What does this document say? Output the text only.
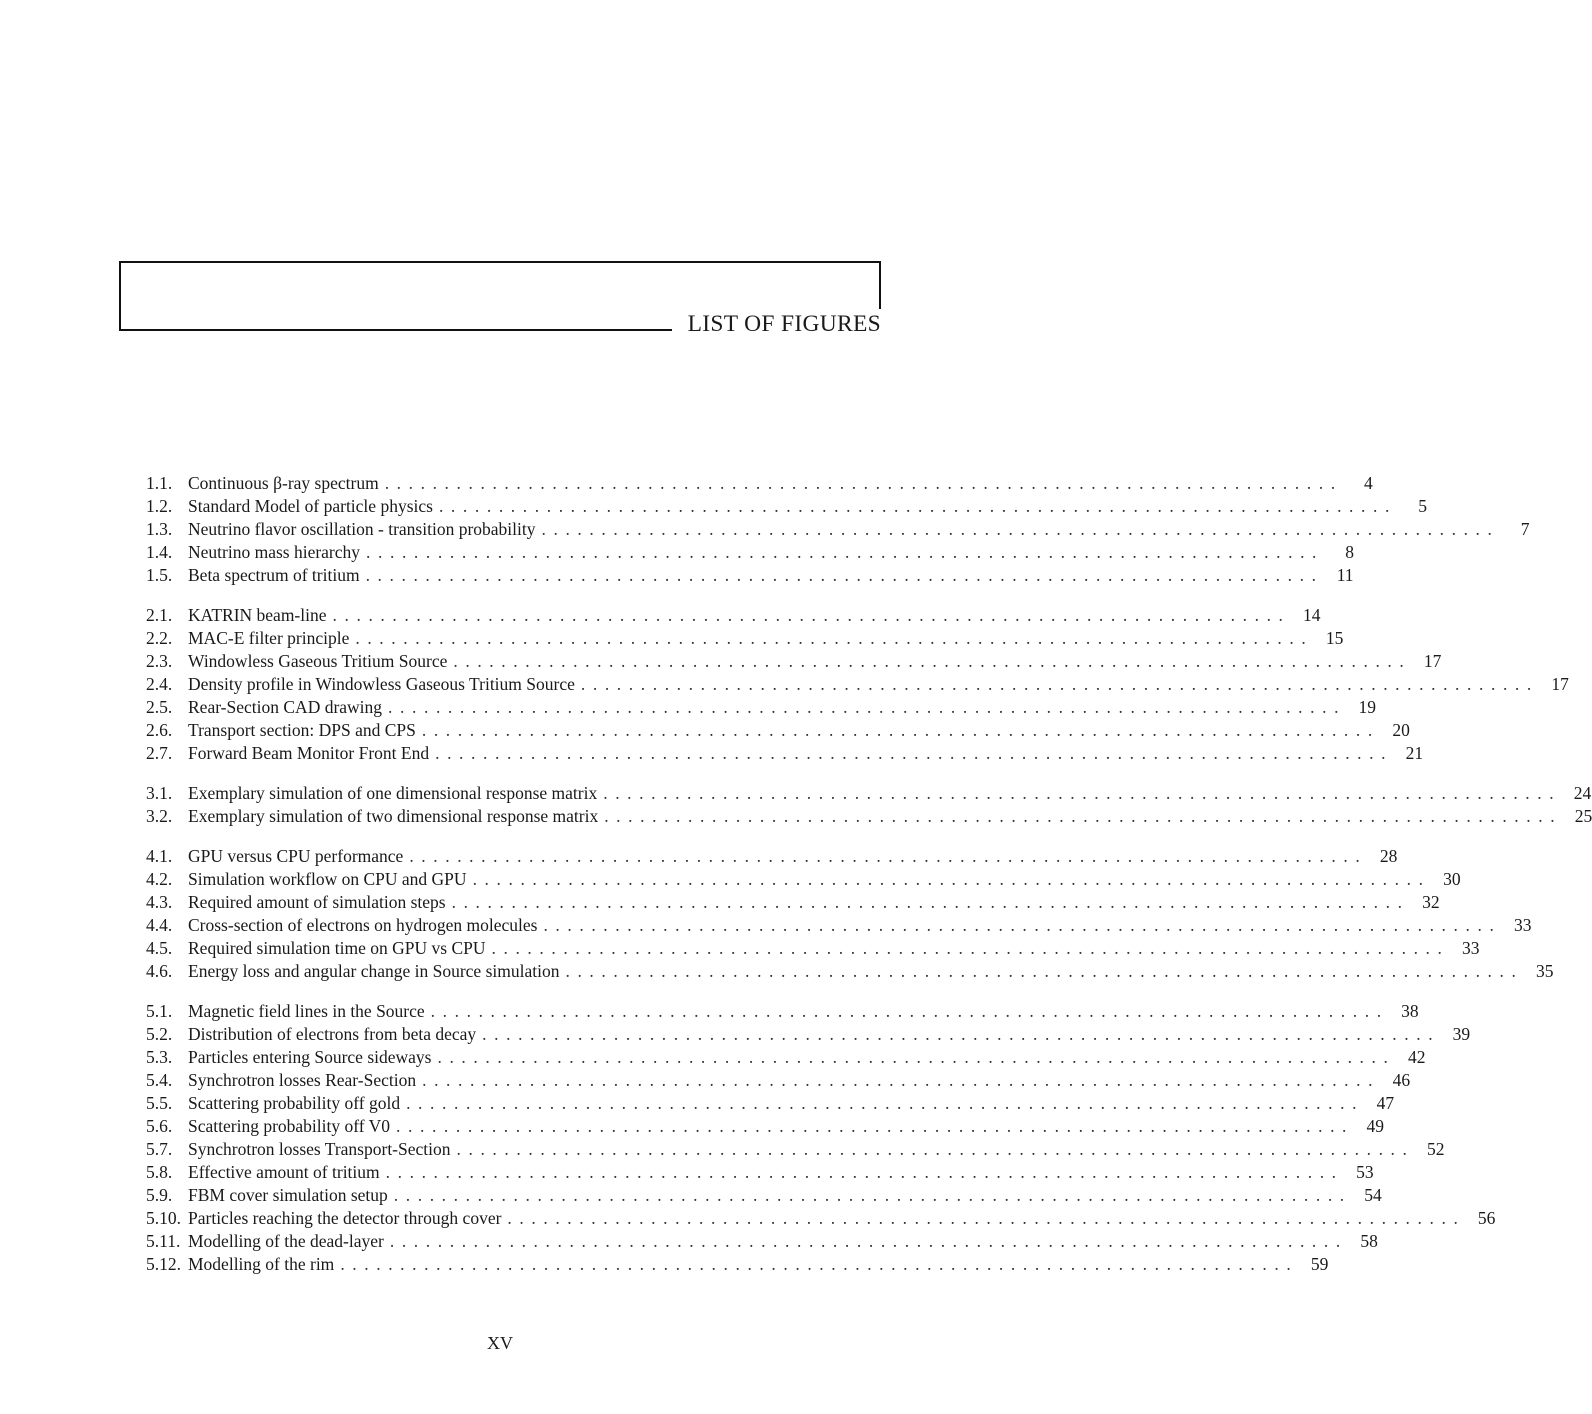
LIST OF FIGURES
1.1. Continuous β-ray spectrum ................................................................................	4
1.2. Standard Model of particle physics ................................................................................	5
1.3. Neutrino flavor oscillation - transition probability ................................................................................	7
1.4. Neutrino mass hierarchy ................................................................................	8
1.5. Beta spectrum of tritium ................................................................................ 11
2.1. KATRIN beam-line ................................................................................ 14
2.2. MAC-E filter principle ................................................................................ 15
2.3. Windowless Gaseous Tritium Source ................................................................................ 17
2.4. Density profile in Windowless Gaseous Tritium Source ................................................................................ 17
2.5. Rear-Section CAD drawing ................................................................................ 19
2.6. Transport section: DPS and CPS ................................................................................ 20
2.7. Forward Beam Monitor Front End ................................................................................ 21
3.1. Exemplary simulation of one dimensional response matrix ................................................................................ 24
3.2. Exemplary simulation of two dimensional response matrix ................................................................................ 25
4.1. GPU versus CPU performance ................................................................................ 28
4.2. Simulation workflow on CPU and GPU ................................................................................ 30
4.3. Required amount of simulation steps ................................................................................ 32
4.4. Cross-section of electrons on hydrogen molecules ................................................................................ 33
4.5. Required simulation time on GPU vs CPU ................................................................................ 33
4.6. Energy loss and angular change in Source simulation ................................................................................ 35
5.1. Magnetic field lines in the Source ................................................................................ 38
5.2. Distribution of electrons from beta decay ................................................................................ 39
5.3. Particles entering Source sideways ................................................................................ 42
5.4. Synchrotron losses Rear-Section ................................................................................ 46
5.5. Scattering probability off gold ................................................................................ 47
5.6. Scattering probability off V0 ................................................................................ 49
5.7. Synchrotron losses Transport-Section ................................................................................ 52
5.8. Effective amount of tritium ................................................................................ 53
5.9. FBM cover simulation setup ................................................................................ 54
5.10. Particles reaching the detector through cover ................................................................................ 56
5.11. Modelling of the dead-layer ................................................................................ 58
5.12. Modelling of the rim ................................................................................ 59
XV
